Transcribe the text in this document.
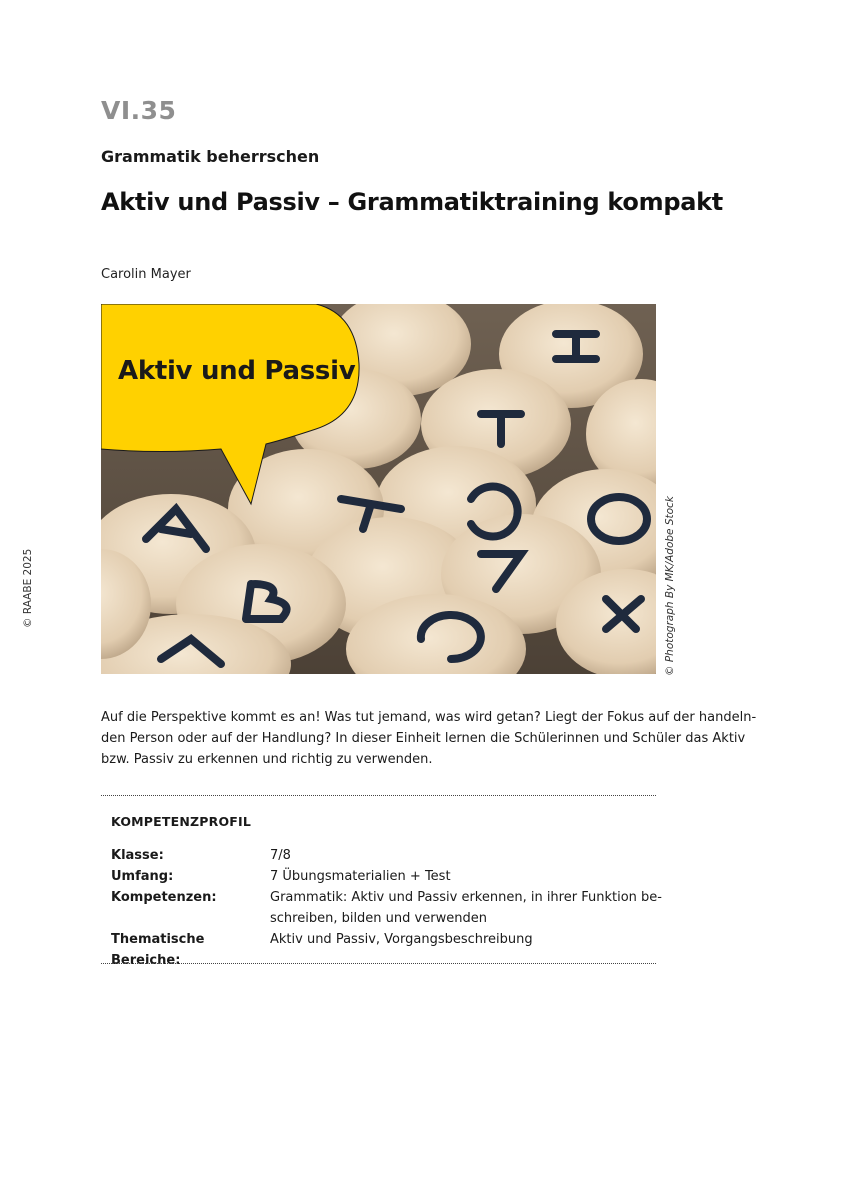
VI.35
Grammatik beherrschen
Aktiv und Passiv – Grammatiktraining kompakt
Carolin Mayer
© RAABE 2025
Aktiv und Passiv
© Photograph By MK/Adobe Stock
Auf die Perspektive kommt es an! Was tut jemand, was wird getan? Liegt der Fokus auf der handeln-
den Person oder auf der Handlung? In dieser Einheit lernen die Schülerinnen und Schüler das Aktiv
bzw. Passiv zu erkennen und richtig zu verwenden.
KOMPETENZPROFIL
Klasse:	7/8
Umfang:	7 Übungsmaterialien + Test
Kompetenzen:	Grammatik: Aktiv und Passiv erkennen, in ihrer Funktion be-
schreiben, bilden und verwenden
Thematische Bereiche:
Aktiv und Passiv, Vorgangsbeschreibung
